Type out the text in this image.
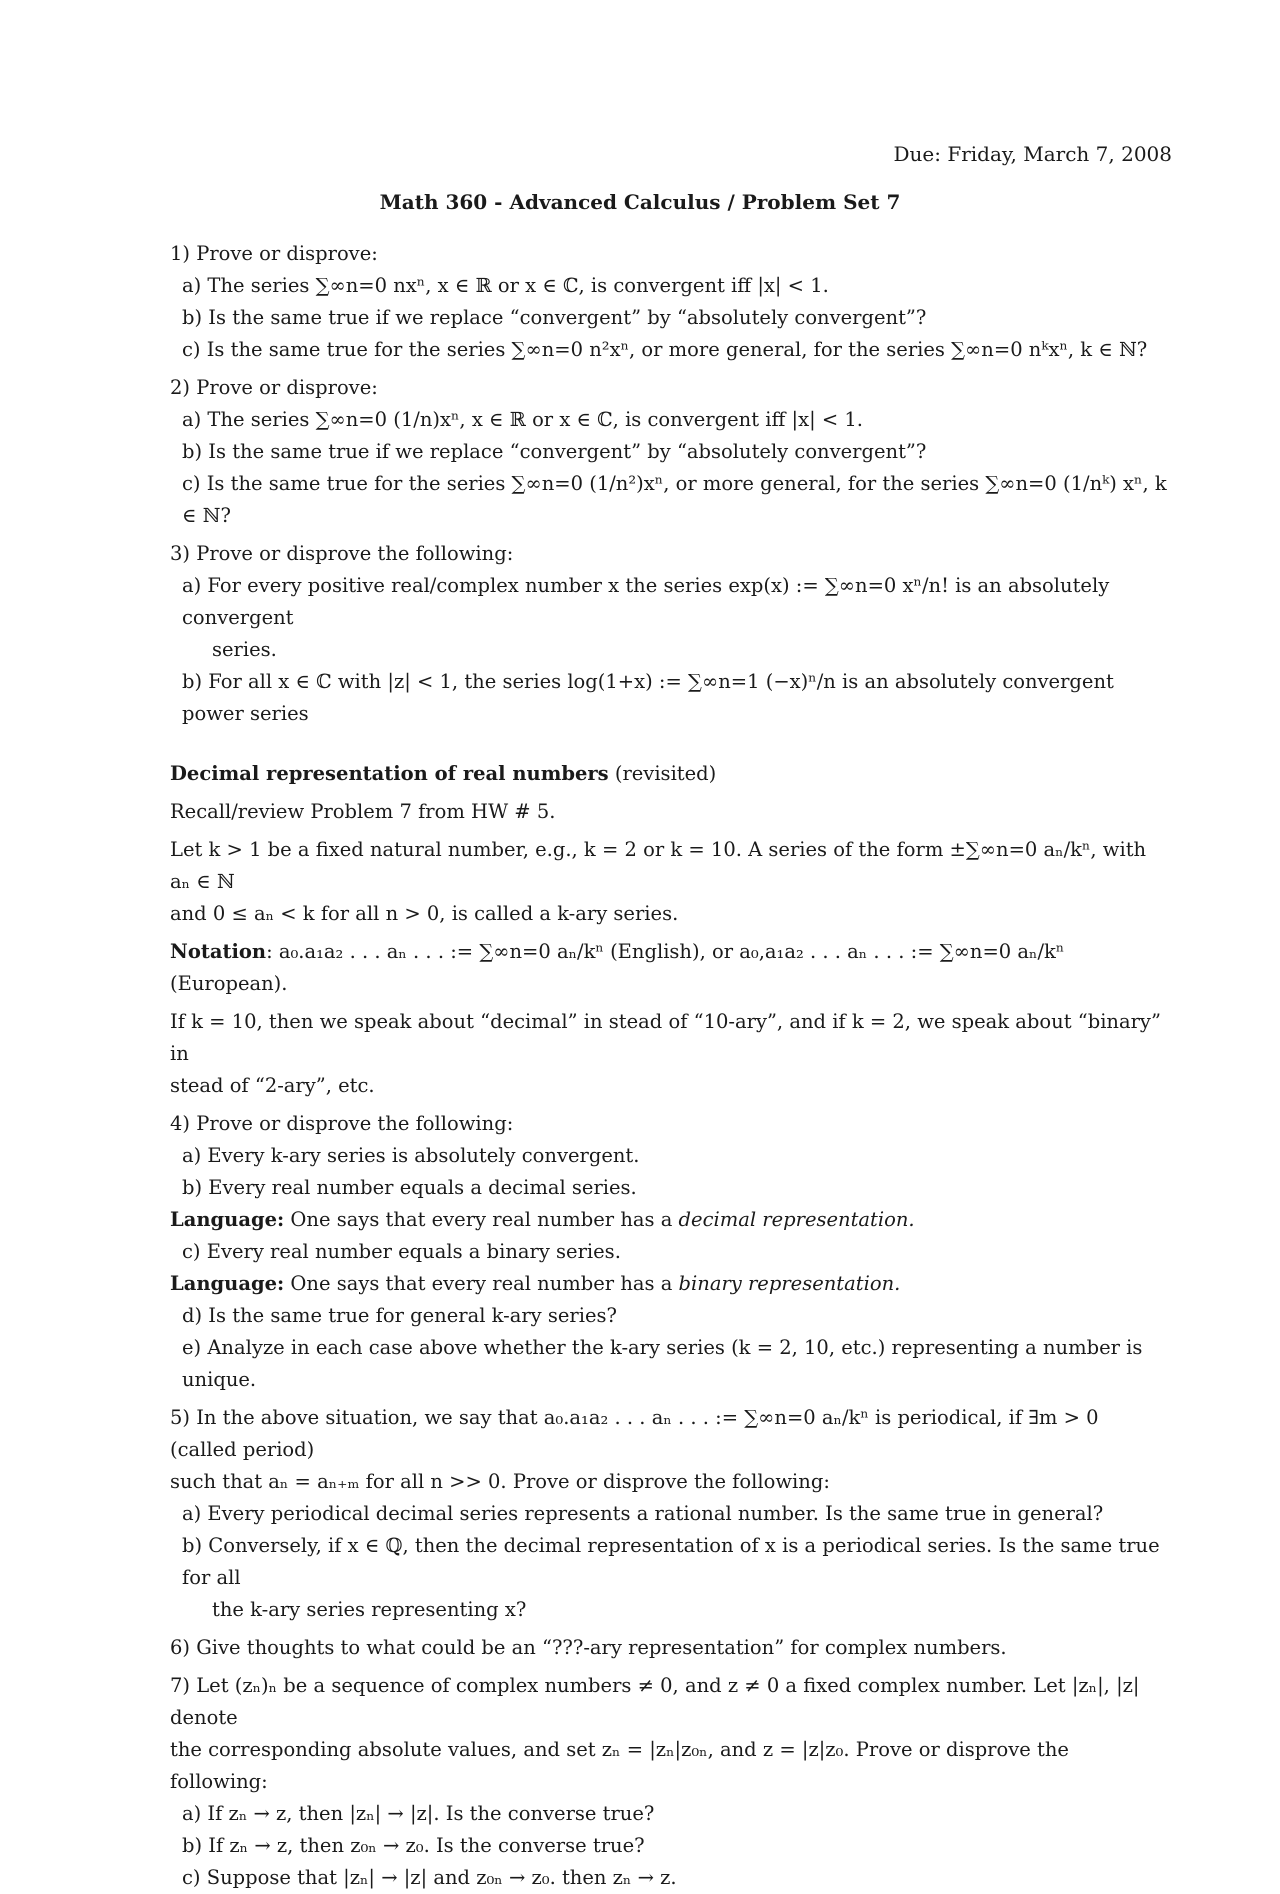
Due: Friday, March 7, 2008
Math 360 - Advanced Calculus / Problem Set 7
1) Prove or disprove:
a) The series ∑∞n=0 nxⁿ, x ∈ ℝ or x ∈ ℂ, is convergent iff |x| < 1.
b) Is the same true if we replace “convergent” by “absolutely convergent”?
c) Is the same true for the series ∑∞n=0 n²xⁿ, or more general, for the series ∑∞n=0 nᵏxⁿ, k ∈ ℕ?
2) Prove or disprove:
a) The series ∑∞n=0 (1/n)xⁿ, x ∈ ℝ or x ∈ ℂ, is convergent iff |x| < 1.
b) Is the same true if we replace “convergent” by “absolutely convergent”?
c) Is the same true for the series ∑∞n=0 (1/n²)xⁿ, or more general, for the series ∑∞n=0 (1/nᵏ) xⁿ, k ∈ ℕ?
3) Prove or disprove the following:
a) For every positive real/complex number x the series exp(x) := ∑∞n=0 xⁿ/n! is an absolutely convergent
series.
b) For all x ∈ ℂ with |z| < 1, the series log(1+x) := ∑∞n=1 (−x)ⁿ/n is an absolutely convergent power series
Decimal representation of real numbers (revisited)
Recall/review Problem 7 from HW # 5.
Let k > 1 be a fixed natural number, e.g., k = 2 or k = 10. A series of the form ±∑∞n=0 aₙ/kⁿ, with aₙ ∈ ℕ
and 0 ≤ aₙ < k for all n > 0, is called a k-ary series.
Notation: a₀.a₁a₂ . . . aₙ . . . := ∑∞n=0 aₙ/kⁿ (English), or a₀,a₁a₂ . . . aₙ . . . := ∑∞n=0 aₙ/kⁿ (European).
If k = 10, then we speak about “decimal” in stead of “10-ary”, and if k = 2, we speak about “binary” in
stead of “2-ary”, etc.
4) Prove or disprove the following:
a) Every k-ary series is absolutely convergent.
b) Every real number equals a decimal series.
Language: One says that every real number has a decimal representation.
c) Every real number equals a binary series.
Language: One says that every real number has a binary representation.
d) Is the same true for general k-ary series?
e) Analyze in each case above whether the k-ary series (k = 2, 10, etc.) representing a number is unique.
5) In the above situation, we say that a₀.a₁a₂ . . . aₙ . . . := ∑∞n=0 aₙ/kⁿ is periodical, if ∃m > 0 (called period)
such that aₙ = aₙ₊ₘ for all n >> 0. Prove or disprove the following:
a) Every periodical decimal series represents a rational number. Is the same true in general?
b) Conversely, if x ∈ ℚ, then the decimal representation of x is a periodical series. Is the same true for all
the k-ary series representing x?
6) Give thoughts to what could be an “???-ary representation” for complex numbers.
7) Let (zₙ)ₙ be a sequence of complex numbers ≠ 0, and z ≠ 0 a fixed complex number. Let |zₙ|, |z| denote
the corresponding absolute values, and set zₙ = |zₙ|z₀ₙ, and z = |z|z₀. Prove or disprove the following:
a) If zₙ → z, then |zₙ| → |z|. Is the converse true?
b) If zₙ → z, then z₀ₙ → z₀. Is the converse true?
c) Suppose that |zₙ| → |z| and z₀ₙ → z₀. then zₙ → z.
